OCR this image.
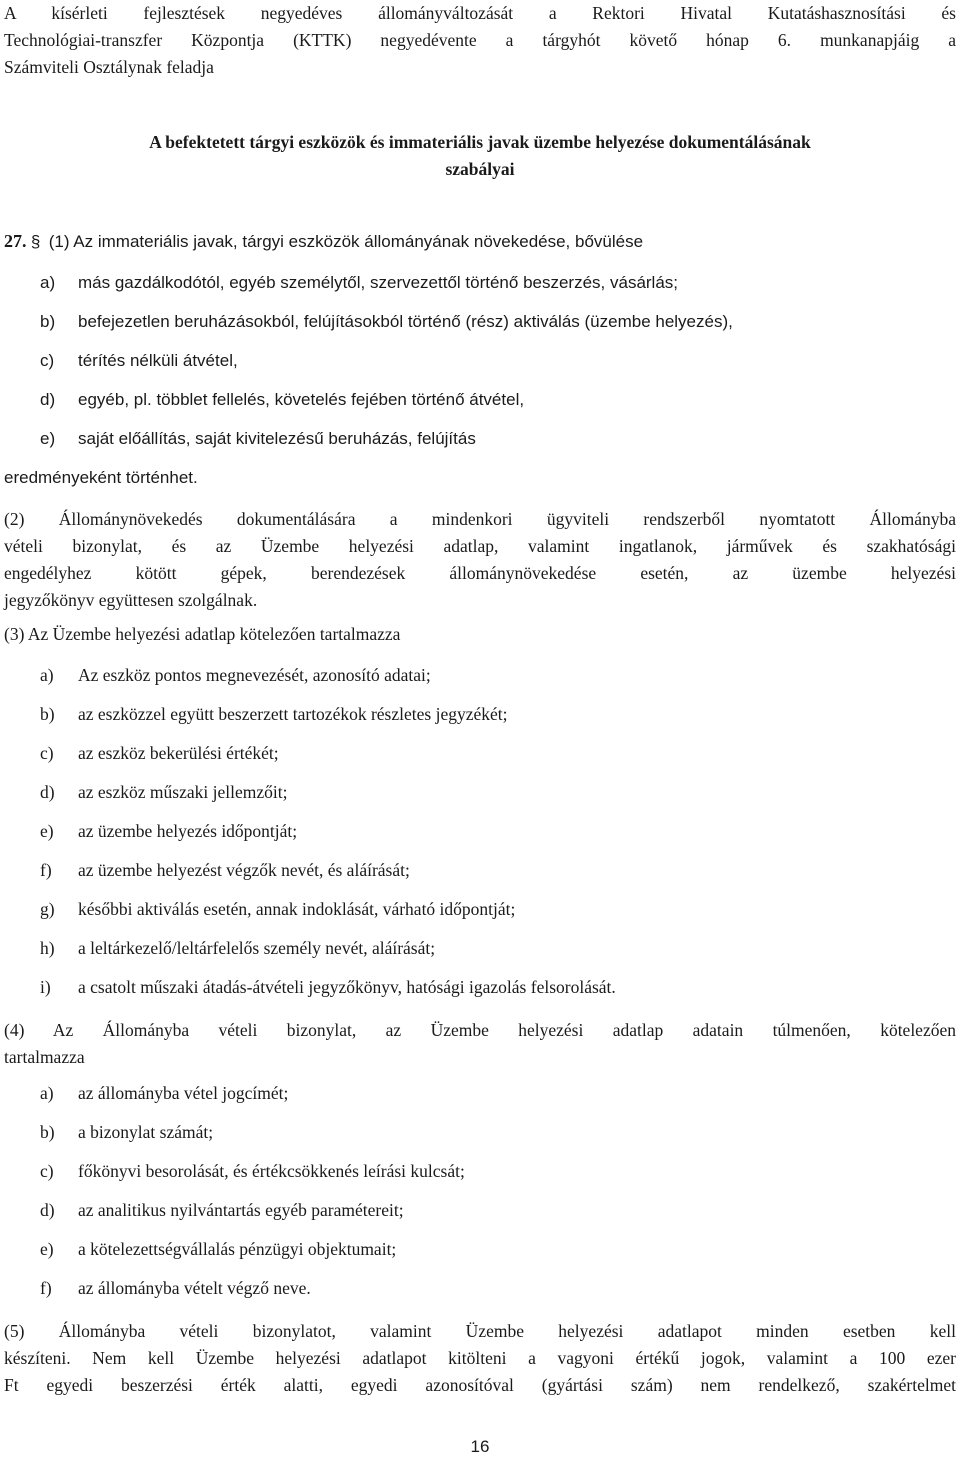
A kísérleti fejlesztések negyedéves állományváltozását a Rektori Hivatal Kutatáshasznosítási és
Technológiai-transzfer Központja (KTTK) negyedévente a tárgyhót követő hónap 6. munkanapjáig a
Számviteli Osztálynak feladja
A befektetett tárgyi eszközök és immateriális javak üzembe helyezése dokumentálásának
szabályai
27. § (1) Az immateriális javak, tárgyi eszközök állományának növekedése, bővülése
a) más gazdálkodótól, egyéb személytől, szervezettől történő beszerzés, vásárlás;
b) befejezetlen beruházásokból, felújításokból történő (rész) aktiválás (üzembe helyezés),
c) térítés nélküli átvétel,
d) egyéb, pl. többlet fellelés, követelés fejében történő átvétel,
e) saját előállítás, saját kivitelezésű beruházás, felújítás
eredményeként történhet.
(2) Állománynövekedés dokumentálására a mindenkori ügyviteli rendszerből nyomtatott Állományba
vételi bizonylat, és az Üzembe helyezési adatlap, valamint ingatlanok, járművek és szakhatósági
engedélyhez kötött gépek, berendezések állománynövekedése esetén, az üzembe helyezési
jegyzőkönyv együttesen szolgálnak.
(3) Az Üzembe helyezési adatlap kötelezően tartalmazza
a) Az eszköz pontos megnevezését, azonosító adatai;
b) az eszközzel együtt beszerzett tartozékok részletes jegyzékét;
c) az eszköz bekerülési értékét;
d) az eszköz műszaki jellemzőit;
e) az üzembe helyezés időpontját;
f) az üzembe helyezést végzők nevét, és aláírását;
g) későbbi aktiválás esetén, annak indoklását, várható időpontját;
h) a leltárkezelő/leltárfelelős személy nevét, aláírását;
i) a csatolt műszaki átadás-átvételi jegyzőkönyv, hatósági igazolás felsorolását.
(4) Az Állományba vételi bizonylat, az Üzembe helyezési adatlap adatain túlmenően, kötelezően
tartalmazza
a) az állományba vétel jogcímét;
b) a bizonylat számát;
c) főkönyvi besorolását, és értékcsökkenés leírási kulcsát;
d) az analitikus nyilvántartás egyéb paramétereit;
e) a kötelezettségvállalás pénzügyi objektumait;
f) az állományba vételt végző neve.
(5) Állományba vételi bizonylatot, valamint Üzembe helyezési adatlapot minden esetben kell
készíteni. Nem kell Üzembe helyezési adatlapot kitölteni a vagyoni értékű jogok, valamint a 100 ezer
Ft egyedi beszerzési érték alatti, egyedi azonosítóval (gyártási szám) nem rendelkező, szakértelmet
16
